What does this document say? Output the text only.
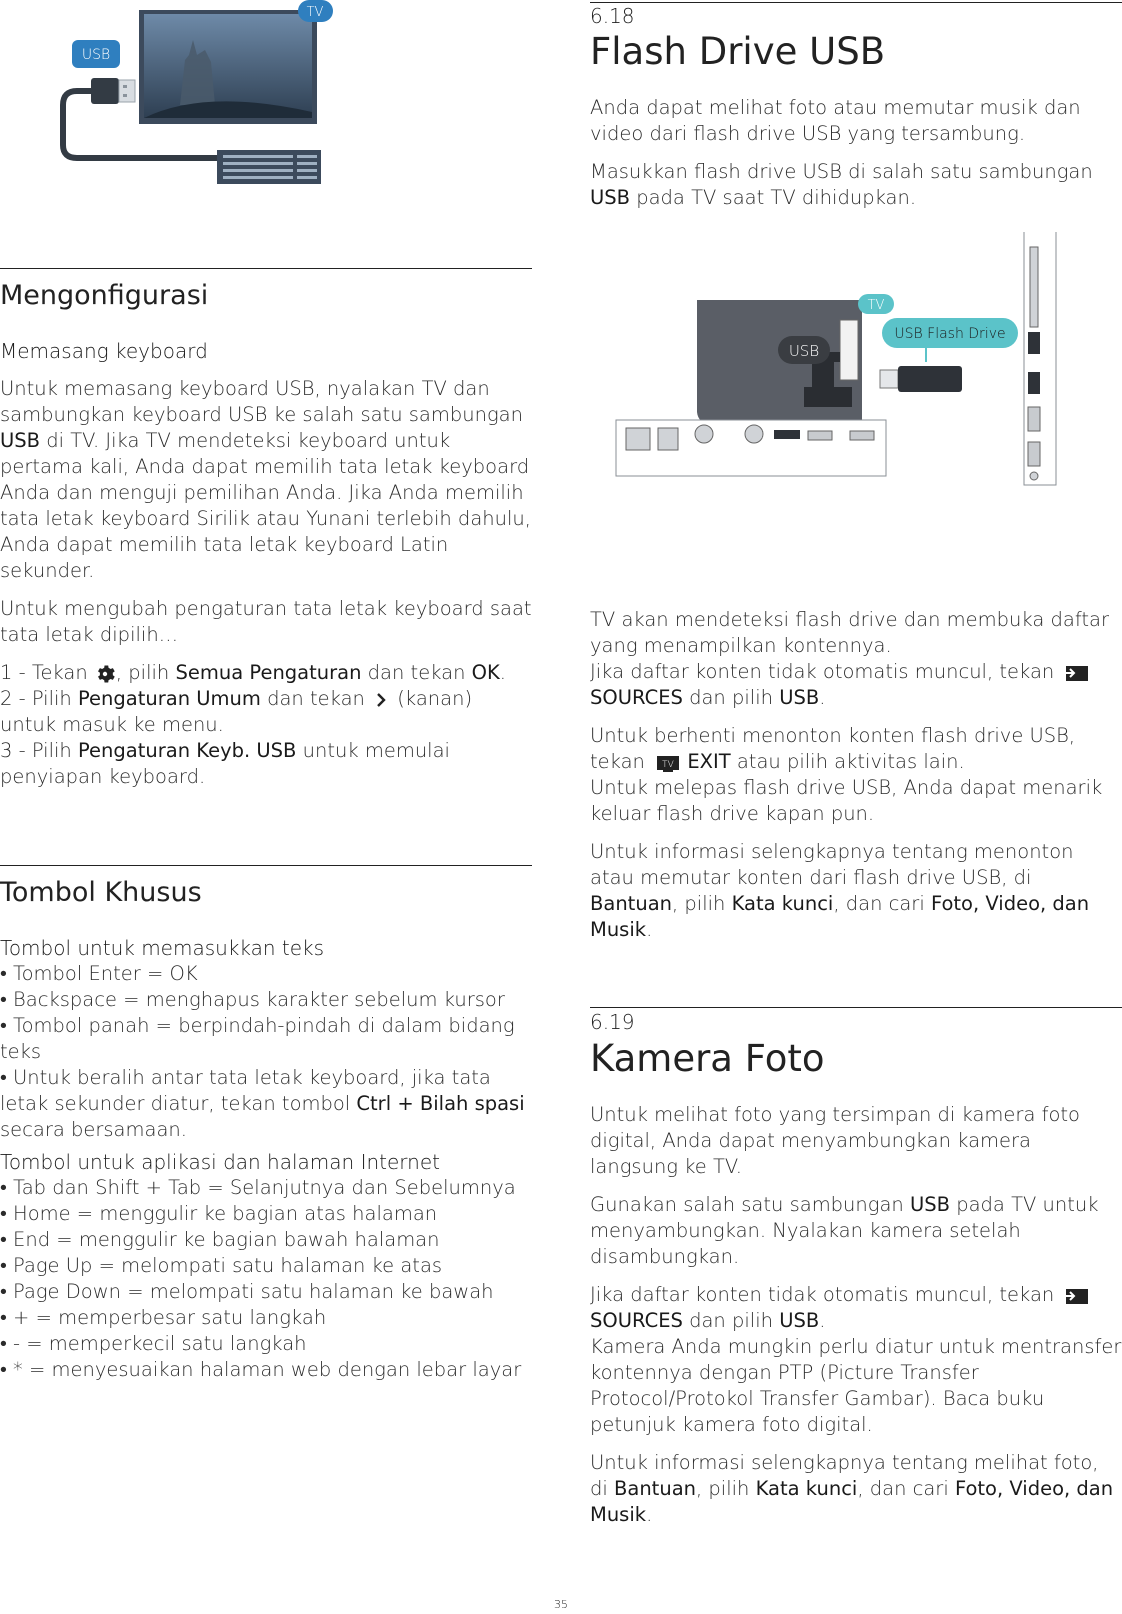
TV
USB
Mengonfigurasi
Memasang keyboard

Untuk memasang keyboard USB, nyalakan TV dan sambungkan keyboard USB ke salah satu sambungan USB di TV. Jika TV mendeteksi keyboard untuk pertama kali, Anda dapat memilih tata letak keyboard Anda dan menguji pemilihan Anda. Jika Anda memilih tata letak keyboard Sirilik atau Yunani terlebih dahulu, Anda dapat memilih tata letak keyboard Latin sekunder.

Untuk mengubah pengaturan tata letak keyboard saat tata letak dipilih…

1 - Tekan , pilih Semua Pengaturan dan tekan OK.

2 - Pilih Pengaturan Umum dan tekan  (kanan) untuk masuk ke menu.

3 - Pilih Pengaturan Keyb. USB untuk memulai penyiapan keyboard.

Tombol Khusus

Tombol untuk memasukkan teks

• Tombol Enter = OK

• Backspace = menghapus karakter sebelum kursor

• Tombol panah = berpindah-pindah di dalam bidang teks

• Untuk beralih antar tata letak keyboard, jika tata letak sekunder diatur, tekan tombol Ctrl + Bilah spasi secara bersamaan.

Tombol untuk aplikasi dan halaman Internet

• Tab dan Shift + Tab = Selanjutnya dan Sebelumnya

• Home = menggulir ke bagian atas halaman

• End = menggulir ke bagian bawah halaman

• Page Up = melompati satu halaman ke atas

• Page Down = melompati satu halaman ke bawah

• + = memperbesar satu langkah

• - = memperkecil satu langkah

• * = menyesuaikan halaman web dengan lebar layar

6.18
Flash Drive USB

Anda dapat melihat foto atau memutar musik dan video dari flash drive USB yang tersambung.

Masukkan flash drive USB di salah satu sambungan USB pada TV saat TV dihidupkan.

USB
TV
USB Flash Drive

TV akan mendeteksi flash drive dan membuka daftar yang menampilkan kontennya.
Jika daftar konten tidak otomatis muncul, tekan  SOURCES dan pilih USB.

Untuk berhenti menonton konten flash drive USB, tekan TV EXIT atau pilih aktivitas lain.
Untuk melepas flash drive USB, Anda dapat menarik keluar flash drive kapan pun.

Untuk informasi selengkapnya tentang menonton atau memutar konten dari flash drive USB, di Bantuan, pilih Kata kunci, dan cari Foto, Video, dan Musik.

6.19
Kamera Foto

Untuk melihat foto yang tersimpan di kamera foto digital, Anda dapat menyambungkan kamera langsung ke TV.

Gunakan salah satu sambungan USB pada TV untuk menyambungkan. Nyalakan kamera setelah disambungkan.

Jika daftar konten tidak otomatis muncul, tekan  SOURCES dan pilih USB.
Kamera Anda mungkin perlu diatur untuk mentransfer kontennya dengan PTP (Picture Transfer Protocol/Protokol Transfer Gambar). Baca buku petunjuk kamera foto digital.

Untuk informasi selengkapnya tentang melihat foto, di Bantuan, pilih Kata kunci, dan cari Foto, Video, dan Musik.

35
